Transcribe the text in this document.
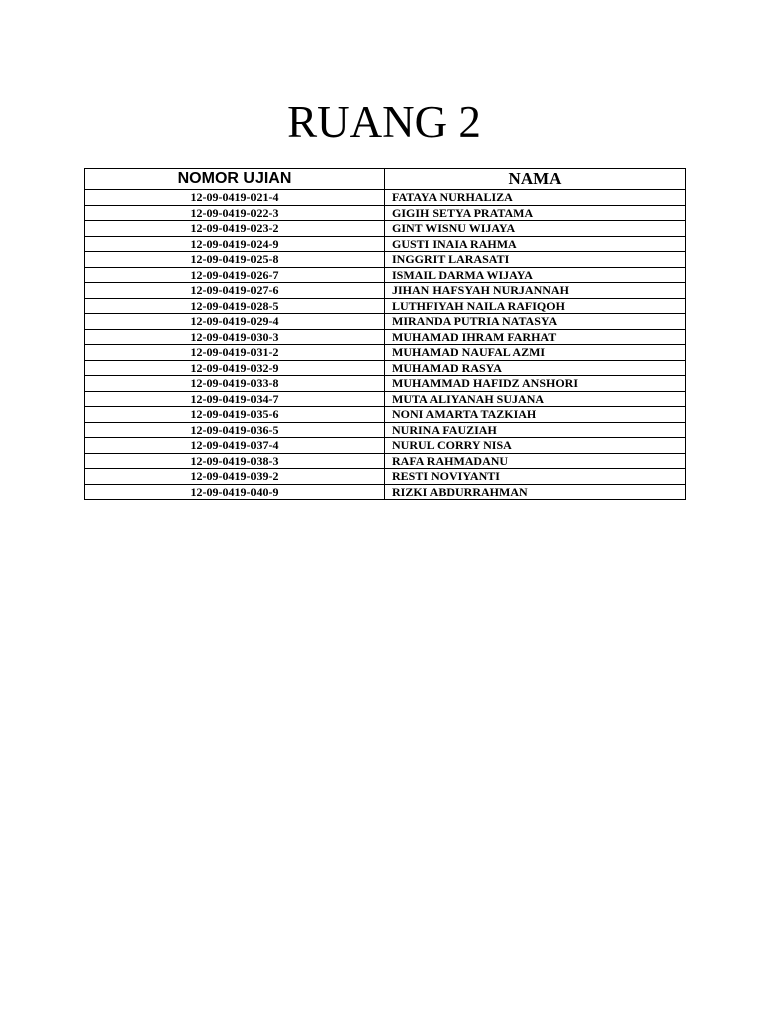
RUANG 2
NOMOR UJIAN	NAMA
12-09-0419-021-4	FATAYA NURHALIZA
12-09-0419-022-3	GIGIH SETYA PRATAMA
12-09-0419-023-2	GINT WISNU WIJAYA
12-09-0419-024-9	GUSTI INAIA RAHMA
12-09-0419-025-8	INGGRIT LARASATI
12-09-0419-026-7	ISMAIL DARMA WIJAYA
12-09-0419-027-6	JIHAN HAFSYAH NURJANNAH
12-09-0419-028-5	LUTHFIYAH NAILA RAFIQOH
12-09-0419-029-4	MIRANDA PUTRIA NATASYA
12-09-0419-030-3	MUHAMAD IHRAM FARHAT
12-09-0419-031-2	MUHAMAD NAUFAL AZMI
12-09-0419-032-9	MUHAMAD RASYA
12-09-0419-033-8	MUHAMMAD HAFIDZ ANSHORI
12-09-0419-034-7	MUTA ALIYANAH SUJANA
12-09-0419-035-6	NONI AMARTA TAZKIAH
12-09-0419-036-5	NURINA FAUZIAH
12-09-0419-037-4	NURUL CORRY NISA
12-09-0419-038-3	RAFA RAHMADANU
12-09-0419-039-2	RESTI NOVIYANTI
12-09-0419-040-9	RIZKI ABDURRAHMAN
